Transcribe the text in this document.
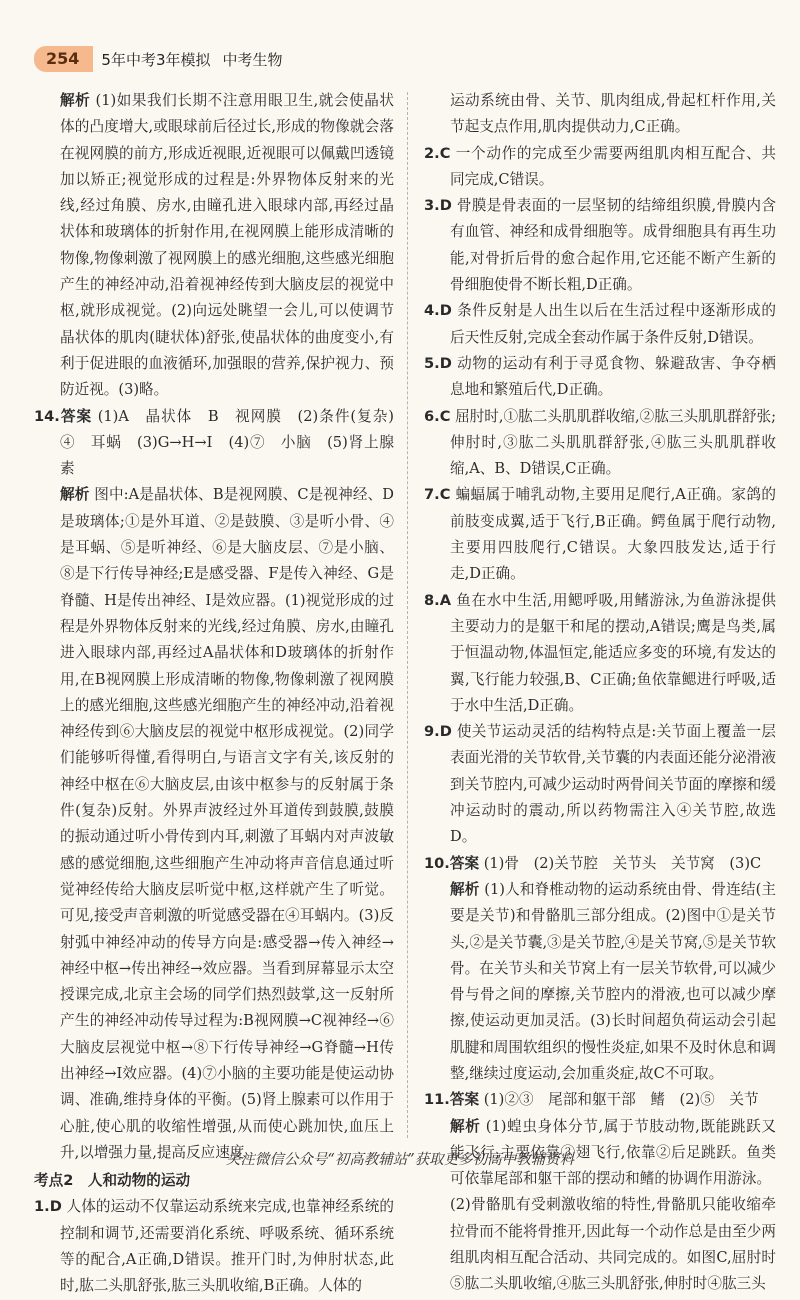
254	5年中考3年模拟 中考生物

解析 (1)如果我们长期不注意用眼卫生,就会使晶状体的凸度增大,或眼球前后径过长,形成的物像就会落在视网膜的前方,形成近视眼,近视眼可以佩戴凹透镜加以矫正;视觉形成的过程是:外界物体反射来的光线,经过角膜、房水,由瞳孔进入眼球内部,再经过晶状体和玻璃体的折射作用,在视网膜上能形成清晰的物像,物像刺激了视网膜上的感光细胞,这些感光细胞产生的神经冲动,沿着视神经传到大脑皮层的视觉中枢,就形成视觉。(2)向远处眺望一会儿,可以使调节晶状体的肌肉(睫状体)舒张,使晶状体的曲度变小,有利于促进眼的血液循环,加强眼的营养,保护视力、预防近视。(3)略。

14.答案 (1)A　晶状体　B　视网膜　(2)条件(复杂)　④　耳蜗　(3)G→H→I　(4)⑦　小脑　(5)肾上腺素

解析 图中:A是晶状体、B是视网膜、C是视神经、D是玻璃体;①是外耳道、②是鼓膜、③是听小骨、④是耳蜗、⑤是听神经、⑥是大脑皮层、⑦是小脑、⑧是下行传导神经;E是感受器、F是传入神经、G是脊髓、H是传出神经、I是效应器。(1)视觉形成的过程是外界物体反射来的光线,经过角膜、房水,由瞳孔进入眼球内部,再经过A晶状体和D玻璃体的折射作用,在B视网膜上形成清晰的物像,物像刺激了视网膜上的感光细胞,这些感光细胞产生的神经冲动,沿着视神经传到⑥大脑皮层的视觉中枢形成视觉。(2)同学们能够听得懂,看得明白,与语言文字有关,该反射的神经中枢在⑥大脑皮层,由该中枢参与的反射属于条件(复杂)反射。外界声波经过外耳道传到鼓膜,鼓膜的振动通过听小骨传到内耳,刺激了耳蜗内对声波敏感的感觉细胞,这些细胞产生冲动将声音信息通过听觉神经传给大脑皮层听觉中枢,这样就产生了听觉。可见,接受声音刺激的听觉感受器在④耳蜗内。(3)反射弧中神经冲动的传导方向是:感受器→传入神经→神经中枢→传出神经→效应器。当看到屏幕显示太空授课完成,北京主会场的同学们热烈鼓掌,这一反射所产生的神经冲动传导过程为:B视网膜→C视神经→⑥大脑皮层视觉中枢→⑧下行传导神经→G脊髓→H传出神经→I效应器。(4)⑦小脑的主要功能是使运动协调、准确,维持身体的平衡。(5)肾上腺素可以作用于心脏,使心肌的收缩性增强,从而使心跳加快,血压上升,以增强力量,提高反应速度。

考点2　人和动物的运动

1.D 人体的运动不仅靠运动系统来完成,也靠神经系统的控制和调节,还需要消化系统、呼吸系统、循环系统等的配合,A正确,D错误。推开门时,为伸肘状态,此时,肱二头肌舒张,肱三头肌收缩,B正确。人体的

运动系统由骨、关节、肌肉组成,骨起杠杆作用,关节起支点作用,肌肉提供动力,C正确。

2.C 一个动作的完成至少需要两组肌肉相互配合、共同完成,C错误。

3.D 骨膜是骨表面的一层坚韧的结缔组织膜,骨膜内含有血管、神经和成骨细胞等。成骨细胞具有再生功能,对骨折后骨的愈合起作用,它还能不断产生新的骨细胞使骨不断长粗,D正确。

4.D 条件反射是人出生以后在生活过程中逐渐形成的后天性反射,完成全套动作属于条件反射,D错误。

5.D 动物的运动有利于寻觅食物、躲避敌害、争夺栖息地和繁殖后代,D正确。

6.C 屈肘时,①肱二头肌肌群收缩,②肱三头肌肌群舒张;伸肘时,③肱二头肌肌群舒张,④肱三头肌肌群收缩,A、B、D错误,C正确。

7.C 蝙蝠属于哺乳动物,主要用足爬行,A正确。家鸽的前肢变成翼,适于飞行,B正确。鳄鱼属于爬行动物,主要用四肢爬行,C错误。大象四肢发达,适于行走,D正确。

8.A 鱼在水中生活,用鳃呼吸,用鳍游泳,为鱼游泳提供主要动力的是躯干和尾的摆动,A错误;鹰是鸟类,属于恒温动物,体温恒定,能适应多变的环境,有发达的翼,飞行能力较强,B、C正确;鱼依靠鳃进行呼吸,适于水中生活,D正确。

9.D 使关节运动灵活的结构特点是:关节面上覆盖一层表面光滑的关节软骨,关节囊的内表面还能分泌滑液到关节腔内,可减少运动时两骨间关节面的摩擦和缓冲运动时的震动,所以药物需注入④关节腔,故选D。

10.答案 (1)骨　(2)关节腔　关节头　关节窝　(3)C

解析 (1)人和脊椎动物的运动系统由骨、骨连结(主要是关节)和骨骼肌三部分组成。(2)图中①是关节头,②是关节囊,③是关节腔,④是关节窝,⑤是关节软骨。在关节头和关节窝上有一层关节软骨,可以减少骨与骨之间的摩擦,关节腔内的滑液,也可以减少摩擦,使运动更加灵活。(3)长时间超负荷运动会引起肌腱和周围软组织的慢性炎症,如果不及时休息和调整,继续过度运动,会加重炎症,故C不可取。

11.答案 (1)②③　尾部和躯干部　鳍　(2)⑤　关节

解析 (1)蝗虫身体分节,属于节肢动物,既能跳跃又能飞行,主要依靠③翅飞行,依靠②后足跳跃。鱼类可依靠尾部和躯干部的摆动和鳍的协调作用游泳。

(2)骨骼肌有受刺激收缩的特性,骨骼肌只能收缩牵拉骨而不能将骨推开,因此每一个动作总是由至少两组肌肉相互配合活动、共同完成的。如图C,屈肘时⑤肱二头肌收缩,④肱三头肌舒张,伸肘时④肱三头

关注微信公众号“初高教辅站”获取更多初高中教辅资料
